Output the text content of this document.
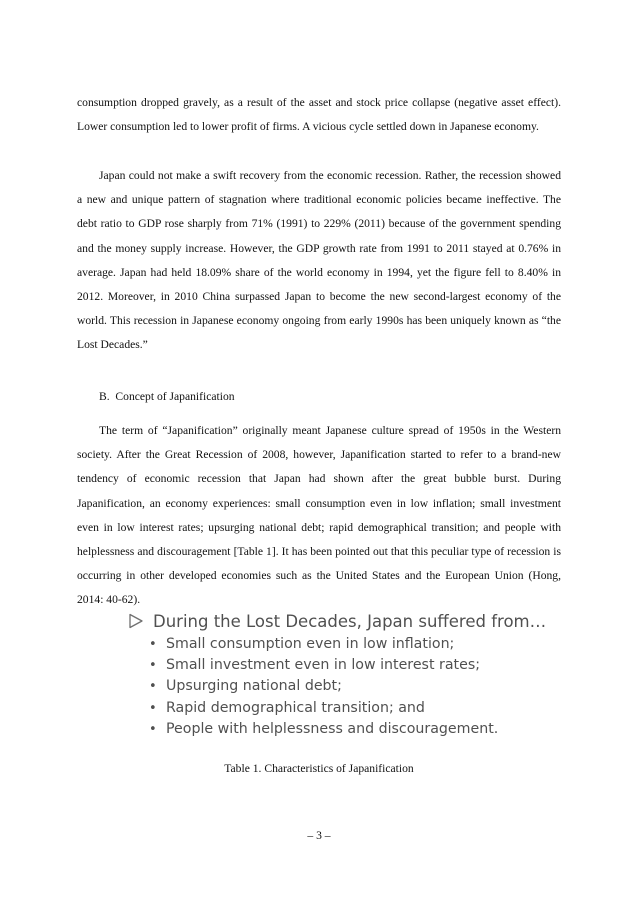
consumption dropped gravely, as a result of the asset and stock price collapse (negative asset effect). Lower consumption led to lower profit of firms. A vicious cycle settled down in Japanese economy.

Japan could not make a swift recovery from the economic recession. Rather, the recession showed a new and unique pattern of stagnation where traditional economic policies became ineffective. The debt ratio to GDP rose sharply from 71% (1991) to 229% (2011) because of the government spending and the money supply increase. However, the GDP growth rate from 1991 to 2011 stayed at 0.76% in average. Japan had held 18.09% share of the world economy in 1994, yet the figure fell to 8.40% in 2012. Moreover, in 2010 China surpassed Japan to become the new second-largest economy of the world. This recession in Japanese economy ongoing from early 1990s has been uniquely known as “the Lost Decades.”

B.  Concept of Japanification

The term of “Japanification” originally meant Japanese culture spread of 1950s in the Western society. After the Great Recession of 2008, however, Japanification started to refer to a brand-new tendency of economic recession that Japan had shown after the great bubble burst. During Japanification, an economy experiences: small consumption even in low inflation; small investment even in low interest rates; upsurging national debt; rapid demographical transition; and people with helplessness and discouragement [Table 1]. It has been pointed out that this peculiar type of recession is occurring in other developed economies such as the United States and the European Union (Hong, 2014: 40-62).

During the Lost Decades, Japan suffered from…
• Small consumption even in low inflation;
• Small investment even in low interest rates;
• Upsurging national debt;
• Rapid demographical transition; and
• People with helplessness and discouragement.

Table 1. Characteristics of Japanification

– 3 –
